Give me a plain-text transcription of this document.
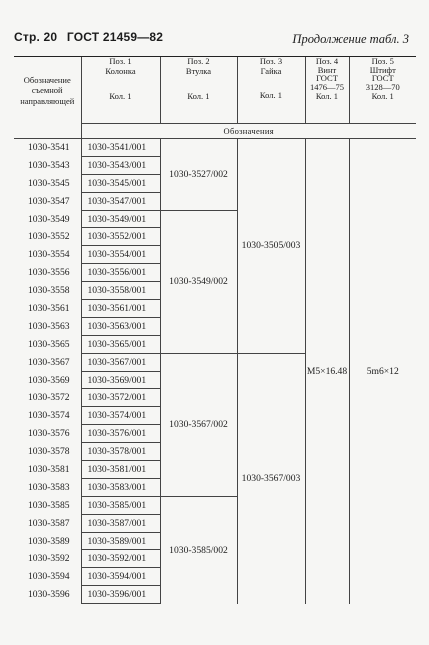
Стр. 20 ГОСТ 21459—82	Продолжение табл. 3
Обозначение съемной направляющей	Поз. 1
Колонка
Кол. 1	Поз. 2
Втулка
Кол. 1	Поз. 3
Гайка
Кол. 1	Поз. 4
Винт
ГОСТ
1476—75
Кол. 1	Поз. 5
Штифт
ГОСТ
3128—70
Кол. 1

	Обозначения				
1030-3541	1030-3541/001	1030-3527/002	1030-3505/003	M5×16.48	5m6×12
1030-3543	1030-3543/001				
1030-3545	1030-3545/001				
1030-3547	1030-3547/001				
1030-3549	1030-3549/001	1030-3549/002			
1030-3552	1030-3552/001				
1030-3554	1030-3554/001				
1030-3556	1030-3556/001				
1030-3558	1030-3558/001				
1030-3561	1030-3561/001				
1030-3563	1030-3563/001				
1030-3565	1030-3565/001				
1030-3567	1030-3567/001	1030-3567/002	1030-3567/003		
1030-3569	1030-3569/001				
1030-3572	1030-3572/001				
1030-3574	1030-3574/001				
1030-3576	1030-3576/001				
1030-3578	1030-3578/001				
1030-3581	1030-3581/001				
1030-3583	1030-3583/001				
1030-3585	1030-3585/001	1030-3585/002			
1030-3587	1030-3587/001				
1030-3589	1030-3589/001				
1030-3592	1030-3592/001				
1030-3594	1030-3594/001				
1030-3596	1030-3596/001				
